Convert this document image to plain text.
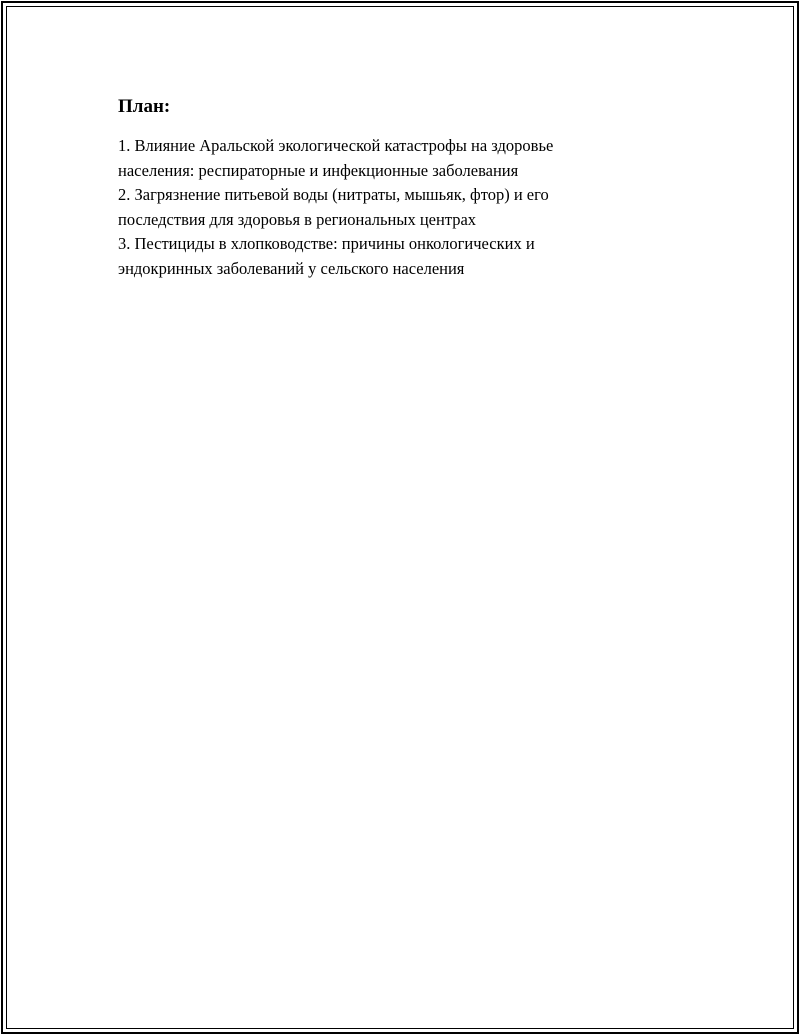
План:
1. Влияние Аральской экологической катастрофы на здоровье
населения: респираторные и инфекционные заболевания
2. Загрязнение питьевой воды (нитраты, мышьяк, фтор) и его
последствия для здоровья в региональных центрах
3. Пестициды в хлопководстве: причины онкологических и
эндокринных заболеваний у сельского населения
